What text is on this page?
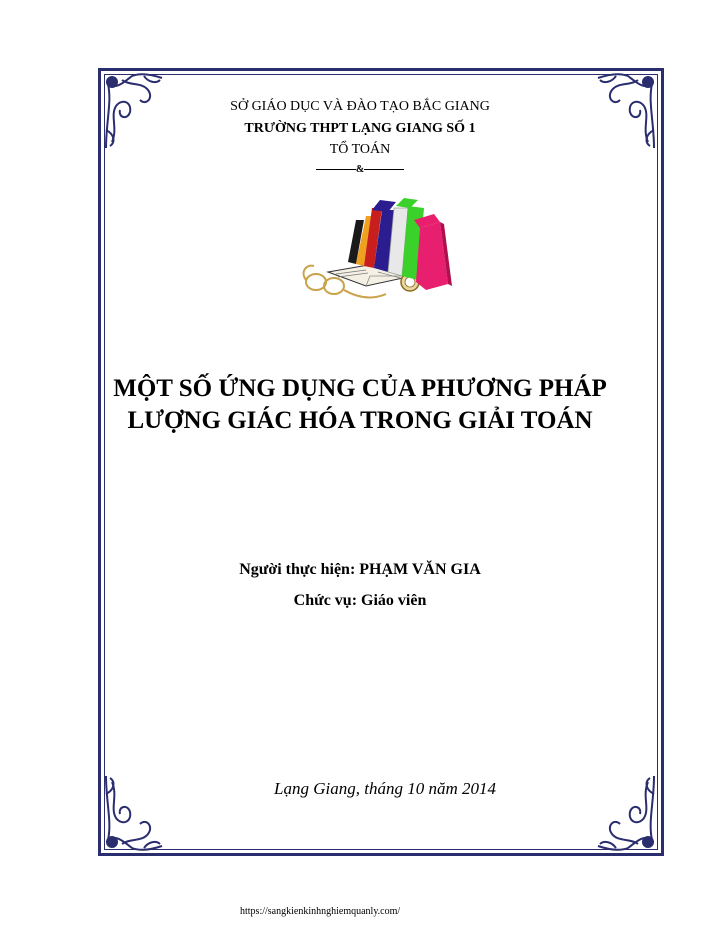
SỞ GIÁO DỤC VÀ ĐÀO TẠO BẮC GIANG
TRƯỜNG THPT LẠNG GIANG SỐ 1
TỔ TOÁN
&
MỘT SỐ ỨNG DỤNG CỦA PHƯƠNG PHÁP
LƯỢNG GIÁC HÓA TRONG GIẢI TOÁN
Người thực hiện: PHẠM VĂN GIA
Chức vụ: Giáo viên
Lạng Giang, tháng 10 năm 2014
https://sangkienkinhnghiemquanly.com/
